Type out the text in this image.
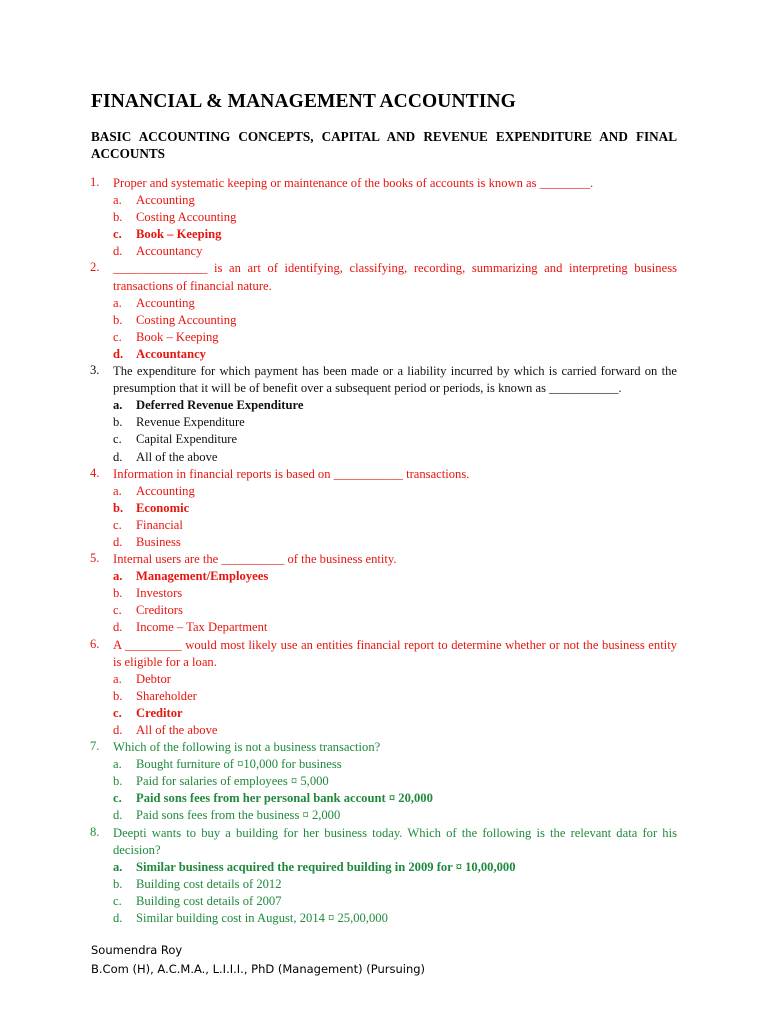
FINANCIAL & MANAGEMENT ACCOUNTING
BASIC ACCOUNTING CONCEPTS, CAPITAL AND REVENUE EXPENDITURE AND FINAL ACCOUNTS
1.	Proper and systematic keeping or maintenance of the books of accounts is known as ________.
a. Accounting
b. Costing Accounting
c. Book – Keeping
d. Accountancy
2.	_______________ is an art of identifying, classifying, recording, summarizing and interpreting business transactions of financial nature.
a. Accounting
b. Costing Accounting
c. Book – Keeping
d. Accountancy
3.	The expenditure for which payment has been made or a liability incurred by which is carried forward on the presumption that it will be of benefit over a subsequent period or periods, is known as ___________.
a. Deferred Revenue Expenditure
b. Revenue Expenditure
c. Capital Expenditure
d. All of the above
4.	Information in financial reports is based on ___________ transactions.
a. Accounting
b. Economic
c. Financial
d. Business
5.	Internal users are the __________ of the business entity.
a. Management/Employees
b. Investors
c. Creditors
d. Income – Tax Department
6.	A _________ would most likely use an entities financial report to determine whether or not the business entity is eligible for a loan.
a. Debtor
b. Shareholder
c. Creditor
d. All of the above
7.	Which of the following is not a business transaction?
a. Bought furniture of ¤10,000 for business
b. Paid for salaries of employees ¤ 5,000
c. Paid sons fees from her personal bank account ¤ 20,000
d. Paid sons fees from the business ¤ 2,000
8.	Deepti wants to buy a building for her business today. Which of the following is the relevant data for his decision?
a. Similar business acquired the required building in 2009 for ¤ 10,00,000
b. Building cost details of 2012
c. Building cost details of 2007
d. Similar building cost in August, 2014 ¤ 25,00,000
Soumendra Roy
B.Com (H), A.C.M.A., L.I.I.I., PhD (Management) (Pursuing)
